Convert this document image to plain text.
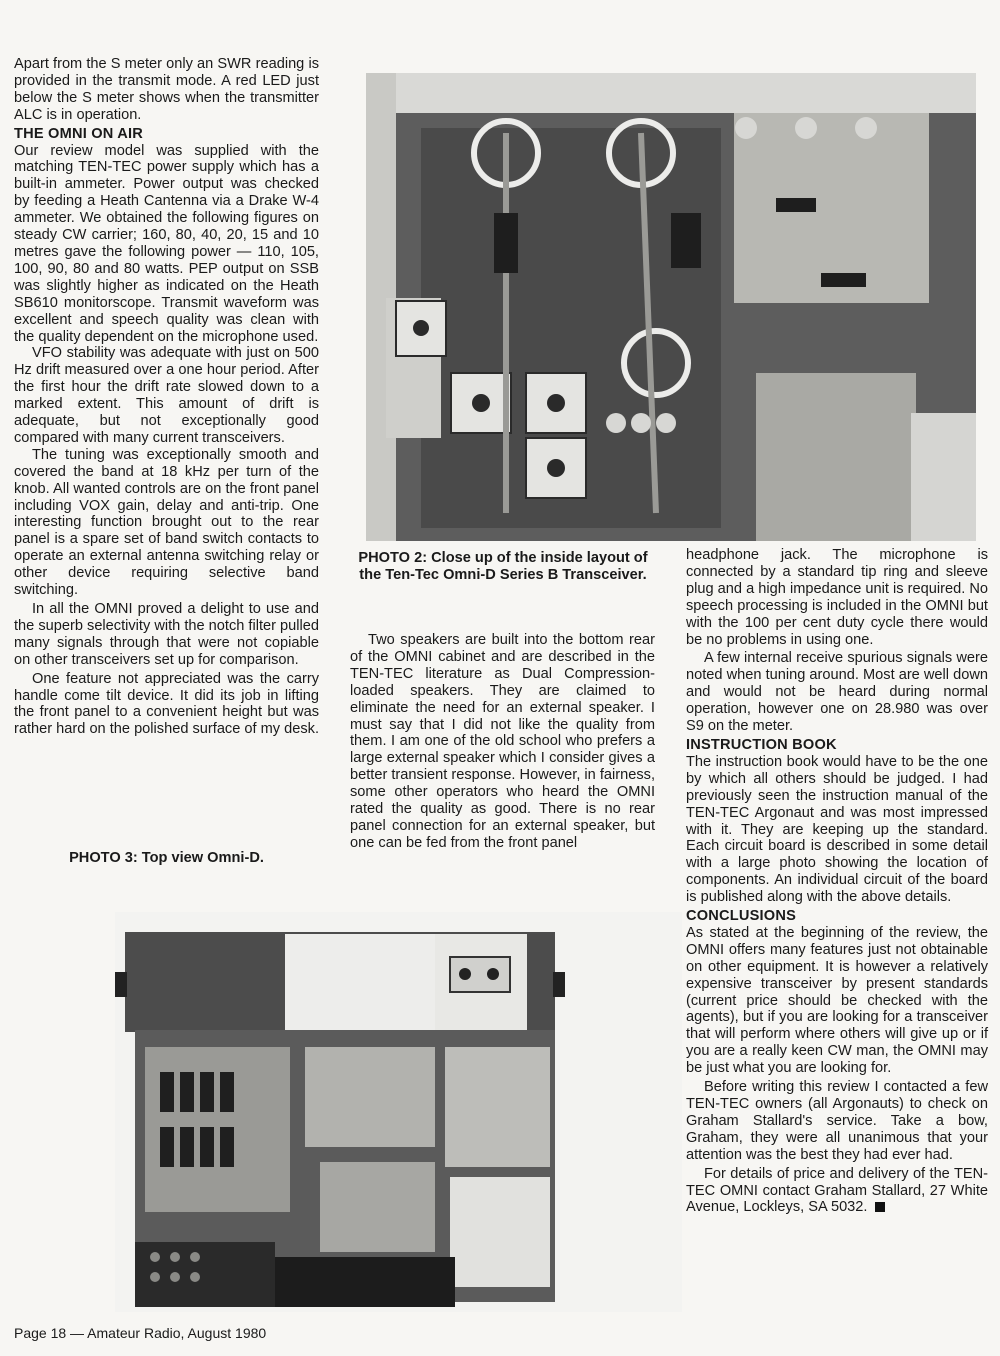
Apart from the S meter only an SWR reading is provided in the transmit mode. A red LED just below the S meter shows when the transmitter ALC is in operation.

THE OMNI ON AIR

Our review model was supplied with the matching TEN-TEC power supply which has a built-in ammeter. Power output was checked by feeding a Heath Cantenna via a Drake W-4 ammeter. We obtained the following figures on steady CW carrier; 160, 80, 40, 20, 15 and 10 metres gave the following power — 110, 105, 100, 90, 80 and 80 watts. PEP output on SSB was slightly higher as indicated on the Heath SB610 monitorscope. Transmit waveform was excellent and speech quality was clean with the quality dependent on the microphone used.

VFO stability was adequate with just on 500 Hz drift measured over a one hour period. After the first hour the drift rate slowed down to a marked extent. This amount of drift is adequate, but not exceptionally good compared with many current transceivers.

The tuning was exceptionally smooth and covered the band at 18 kHz per turn of the knob. All wanted controls are on the front panel including VOX gain, delay and anti-trip. One interesting function brought out to the rear panel is a spare set of band switch contacts to operate an external antenna switching relay or other device requiring selective band switching.

In all the OMNI proved a delight to use and the superb selectivity with the notch filter pulled many signals through that were not copiable on other transceivers set up for comparison.

One feature not appreciated was the carry handle come tilt device. It did its job in lifting the front panel to a convenient height but was rather hard on the polished surface of my desk.

PHOTO 2: Close up of the inside layout of the Ten-Tec Omni-D Series B Transceiver.

Two speakers are built into the bottom rear of the OMNI cabinet and are described in the TEN-TEC literature as Dual Compression-loaded speakers. They are claimed to eliminate the need for an external speaker. I must say that I did not like the quality from them. I am one of the old school who prefers a large external speaker which I consider gives a better transient response. However, in fairness, some other operators who heard the OMNI rated the quality as good. There is no rear panel connection for an external speaker, but one can be fed from the front panel

headphone jack. The microphone is connected by a standard tip ring and sleeve plug and a high impedance unit is required. No speech processing is included in the OMNI but with the 100 per cent duty cycle there would be no problems in using one.

A few internal receive spurious signals were noted when tuning around. Most are well down and would not be heard during normal operation, however one on 28.980 was over S9 on the meter.

INSTRUCTION BOOK

The instruction book would have to be the one by which all others should be judged. I had previously seen the instruction manual of the TEN-TEC Argonaut and was most impressed with it. They are keeping up the standard. Each circuit board is described in some detail with a large photo showing the location of components. An individual circuit of the board is published along with the above details.

CONCLUSIONS

As stated at the beginning of the review, the OMNI offers many features just not obtainable on other equipment. It is however a relatively expensive transceiver by present standards (current price should be checked with the agents), but if you are looking for a transceiver that will perform where others will give up or if you are a really keen CW man, the OMNI may be just what you are looking for.

Before writing this review I contacted a few TEN-TEC owners (all Argonauts) to check on Graham Stallard's service. Take a bow, Graham, they were all unanimous that your attention was the best they had ever had.

For details of price and delivery of the TEN-TEC OMNI contact Graham Stallard, 27 White Avenue, Lockleys, SA 5032.

PHOTO 3: Top view Omni-D.
Page 18 — Amateur Radio, August 1980
